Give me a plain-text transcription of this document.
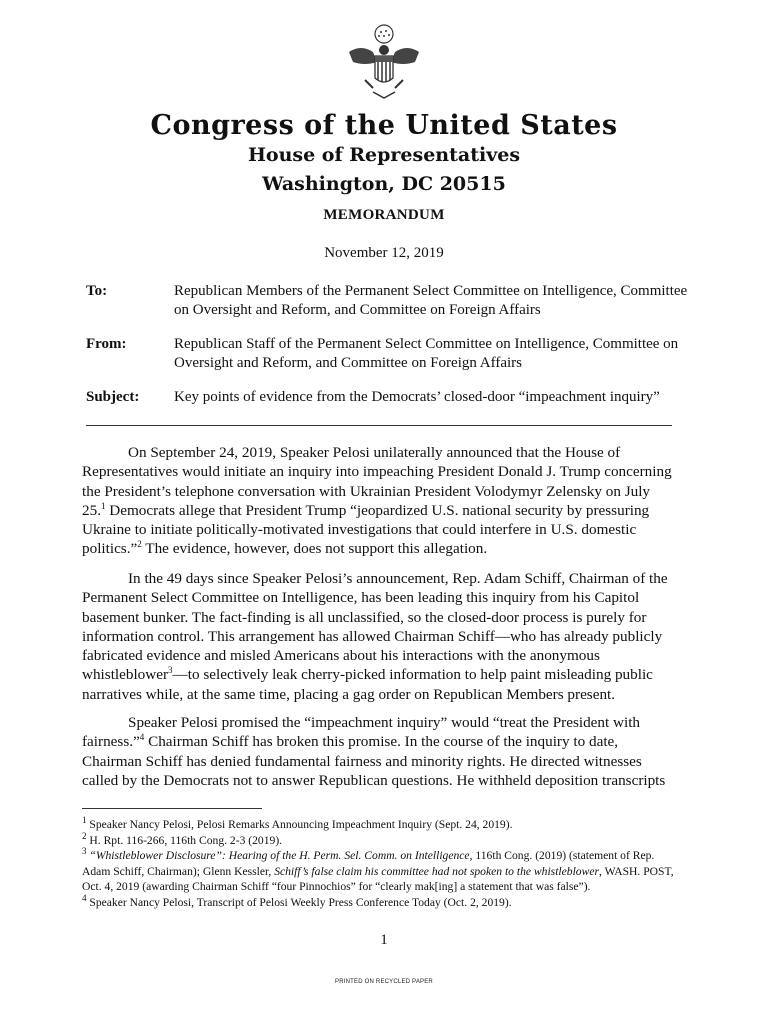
Congress of the United States
House of Representatives
Washington, DC 20515
MEMORANDUM
November 12, 2019
To:	Republican Members of the Permanent Select Committee on Intelligence, Committee on Oversight and Reform, and Committee on Foreign Affairs
From:	Republican Staff of the Permanent Select Committee on Intelligence, Committee on Oversight and Reform, and Committee on Foreign Affairs
Subject: Key points of evidence from the Democrats’ closed-door “impeachment inquiry”

On September 24, 2019, Speaker Pelosi unilaterally announced that the House of Representatives would initiate an inquiry into impeaching President Donald J. Trump concerning the President’s telephone conversation with Ukrainian President Volodymyr Zelensky on July 25.$^1$ Democrats allege that President Trump “jeopardized U.S. national security by pressuring Ukraine to initiate politically-motivated investigations that could interfere in U.S. domestic politics.”$^2$ The evidence, however, does not support this allegation.

In the 49 days since Speaker Pelosi’s announcement, Rep. Adam Schiff, Chairman of the Permanent Select Committee on Intelligence, has been leading this inquiry from his Capitol basement bunker. The fact-finding is all unclassified, so the closed-door process is purely for information control. This arrangement has allowed Chairman Schiff—who has already publicly fabricated evidence and misled Americans about his interactions with the anonymous whistleblower$^3$—to selectively leak cherry-picked information to help paint misleading public narratives while, at the same time, placing a gag order on Republican Members present.

Speaker Pelosi promised the “impeachment inquiry” would “treat the President with fairness.”$^4$ Chairman Schiff has broken this promise. In the course of the inquiry to date, Chairman Schiff has denied fundamental fairness and minority rights. He directed witnesses called by the Democrats not to answer Republican questions. He withheld deposition transcripts

$^1$ Speaker Nancy Pelosi, Pelosi Remarks Announcing Impeachment Inquiry (Sept. 24, 2019).

$^2$ H. Rpt. 116-266, 116th Cong. 2-3 (2019).

$^3$ “Whistleblower Disclosure”: Hearing of the H. Perm. Sel. Comm. on Intelligence, 116th Cong. (2019) (statement of Rep. Adam Schiff, Chairman); Glenn Kessler, Schiff’s false claim his committee had not spoken to the whistleblower, WASH. POST, Oct. 4, 2019 (awarding Chairman Schiff “four Pinnochios” for “clearly mak[ing] a statement that was false”).

$^4$ Speaker Nancy Pelosi, Transcript of Pelosi Weekly Press Conference Today (Oct. 2, 2019).

1
PRINTED ON RECYCLED PAPER
